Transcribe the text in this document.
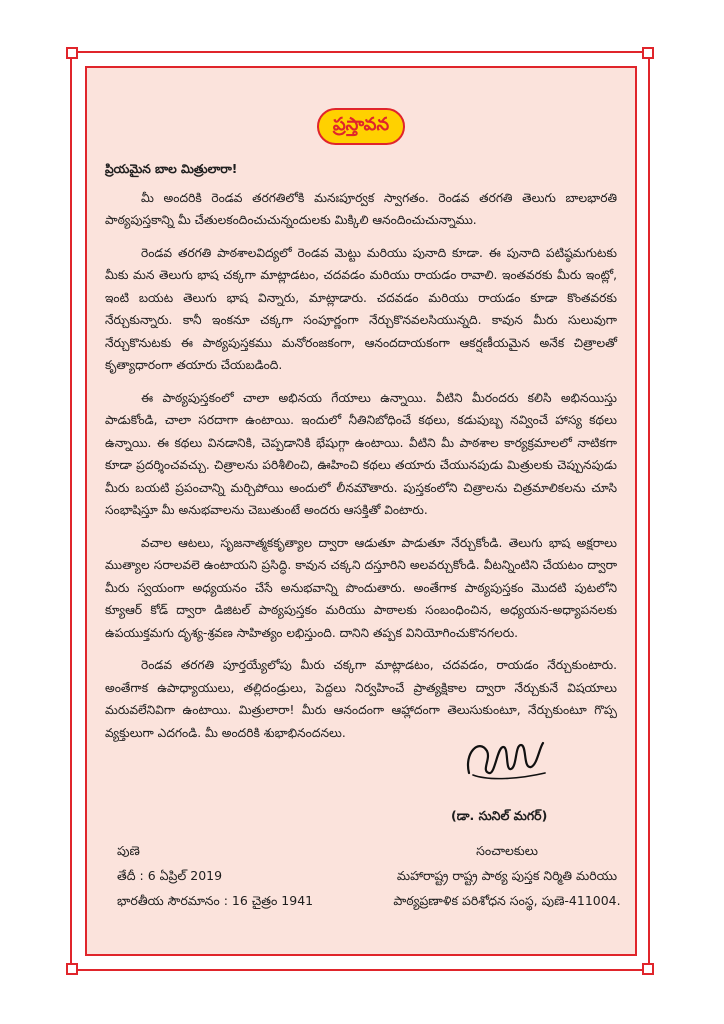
ప్రస్తావన

ప్రియమైన బాల మిత్రులారా!

మీ అందరికి రెండవ తరగతిలోకి మనఃపూర్వక స్వాగతం. రెండవ తరగతి తెలుగు బాలభారతి పాఠ్యపుస్తకాన్ని మీ చేతులకందించుచున్నందులకు మిక్కిలి ఆనందించుచున్నాము.

రెండవ తరగతి పాఠశాలవిద్యలో రెండవ మెట్టు మరియు పునాది కూడా. ఈ పునాది పటిష్ఠమగుటకు మీకు మన తెలుగు భాష చక్కగా మాట్లాడటం, చదవడం మరియు రాయడం రావాలి. ఇంతవరకు మీరు ఇంట్లో, ఇంటి బయట తెలుగు భాష విన్నారు, మాట్లాడారు. చదవడం మరియు రాయడం కూడా కొంతవరకు నేర్చుకున్నారు. కానీ ఇంకనూ చక్కగా సంపూర్ణంగా నేర్చుకొనవలసియున్నది. కావున మీరు సులువుగా నేర్చుకొనుటకు ఈ పాఠ్యపుస్తకము మనోరంజకంగా, ఆనందదాయకంగా ఆకర్షణీయమైన అనేక చిత్రాలతో కృత్యాధారంగా తయారు చేయబడింది.

ఈ పాఠ్యపుస్తకంలో చాలా అభినయ గేయాలు ఉన్నాయి. వీటిని మీరందరు కలిసి అభినయిస్తు పాడుకోండి, చాలా సరదాగా ఉంటాయి. ఇందులో నీతినిబోధించే కథలు, కడుపుబ్బ నవ్వించే హాస్య కథలు ఉన్నాయి. ఈ కథలు వినడానికి, చెప్పడానికి భేషుగ్గా ఉంటాయి. వీటిని మీ పాఠశాల కార్యక్రమాలలో నాటికగా కూడా ప్రదర్శించవచ్చు. చిత్రాలను పరిశీలించి, ఊహించి కథలు తయారు చేయునపుడు మిత్రులకు చెప్పునపుడు మీరు బయటి ప్రపంచాన్ని మర్చిపోయి అందులో లీనమౌతారు. పుస్తకంలోని చిత్రాలను చిత్రమాలికలను చూసి సంభాషిస్తూ మీ అనుభవాలను చెబుతుంటే అందరు ఆసక్తితో వింటారు.

వచాల ఆటలు, సృజనాత్మకకృత్యాల ద్వారా ఆడుతూ పాడుతూ నేర్చుకోండి. తెలుగు భాష అక్షరాలు ముత్యాల సరాలవలె ఉంటాయని ప్రసిద్ధి. కావున చక్కని దస్తూరిని అలవర్చుకోండి. వీటన్నింటిని చేయటం ద్వారా మీరు స్వయంగా అధ్యయనం చేసే అనుభవాన్ని పొందుతారు. అంతేగాక పాఠ్యపుస్తకం మొదటి పుటలోని క్యూఆర్ కోడ్ ద్వారా డిజిటల్ పాఠ్యపుస్తకం మరియు పాఠాలకు సంబంధించిన, అధ్యయన-అధ్యాపనలకు ఉపయుక్తమగు దృశ్య-శ్రవణ సాహిత్యం లభిస్తుంది. దానిని తప్పక వినియోగించుకొనగలరు.

రెండవ తరగతి పూర్తయ్యేలోపు మీరు చక్కగా మాట్లాడటం, చదవడం, రాయడం నేర్చుకుంటారు. అంతేగాక ఉపాధ్యాయులు, తల్లిదండ్రులు, పెద్దలు నిర్వహించే ప్రాత్యక్షికాల ద్వారా నేర్చుకునే విషయాలు మరువలేనివిగా ఉంటాయి. మిత్రులారా! మీరు ఆనందంగా ఆహ్లాదంగా తెలుసుకుంటూ, నేర్చుకుంటూ గొప్ప వ్యక్తులుగా ఎదగండి. మీ అందరికి శుభాభినందనలు.

(డా. సునిల్ మగర్)
పుణె
తేదీ : 6 ఏప్రిల్ 2019
భారతీయ సౌరమానం : 16 చైత్రం 1941
సంచాలకులు
మహారాష్ట్ర రాష్ట్ర పాఠ్య పుస్తక నిర్మితి మరియు
పాఠ్యప్రణాళిక పరిశోధన సంస్థ, పుణె-411004.
